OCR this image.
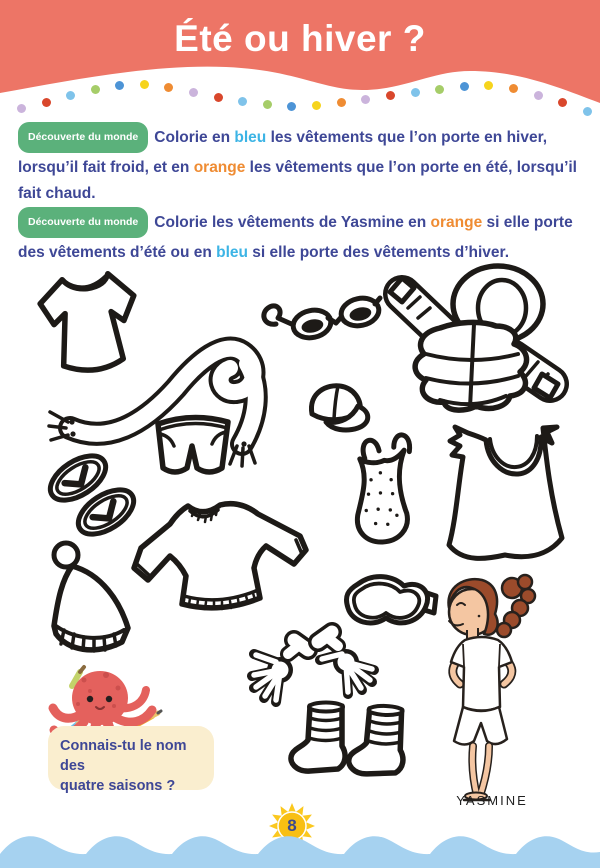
Été ou hiver ?

Découverte du monde Colorie en bleu les vêtements que l’on porte en hiver, lorsqu’il fait froid, et en orange les vêtements que l’on porte en été, lorsqu’il fait chaud.

Découverte du monde Colorie les vêtements de Yasmine en orange si elle porte des vêtements d’été ou en bleu si elle porte des vêtements d’hiver.

Connais-tu le nom des
quatre saisons ?
YASMINE
8
